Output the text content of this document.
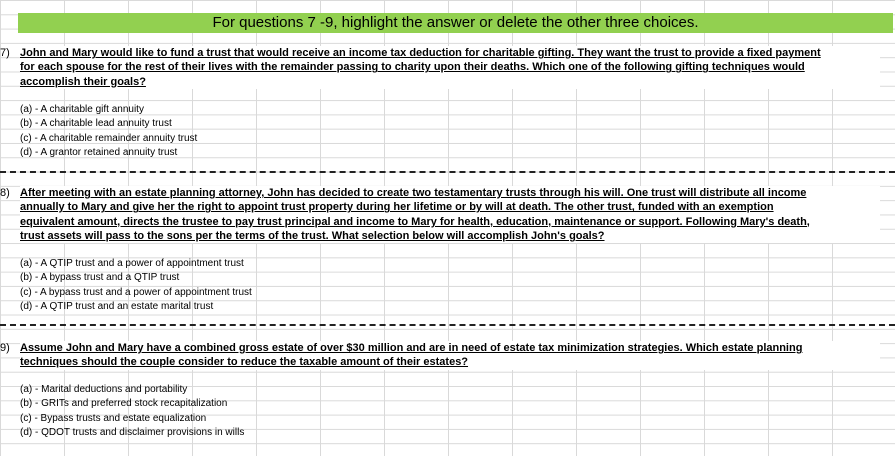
For questions 7 -9, highlight the answer or delete the other three choices.
7) John and Mary would like to fund a trust that would receive an income tax deduction for charitable gifting. They want the trust to provide a fixed payment
for each spouse for the rest of their lives with the remainder passing to charity upon their deaths. Which one of the following gifting techniques would
accomplish their goals?
(a) - A charitable gift annuity
(b) - A charitable lead annuity trust
(c) - A charitable remainder annuity trust
(d) - A grantor retained annuity trust
8) After meeting with an estate planning attorney, John has decided to create two testamentary trusts through his will. One trust will distribute all income
annually to Mary and give her the right to appoint trust property during her lifetime or by will at death. The other trust, funded with an exemption
equivalent amount, directs the trustee to pay trust principal and income to Mary for health, education, maintenance or support. Following Mary's death,
trust assets will pass to the sons per the terms of the trust. What selection below will accomplish John's goals?
(a) - A QTIP trust and a power of appointment trust
(b) - A bypass trust and a QTIP trust
(c) - A bypass trust and a power of appointment trust
(d) - A QTIP trust and an estate marital trust
9) Assume John and Mary have a combined gross estate of over $30 million and are in need of estate tax minimization strategies. Which estate planning
techniques should the couple consider to reduce the taxable amount of their estates?
(a) - Marital deductions and portability
(b) - GRITs and preferred stock recapitalization
(c) - Bypass trusts and estate equalization
(d) - QDOT trusts and disclaimer provisions in wills
